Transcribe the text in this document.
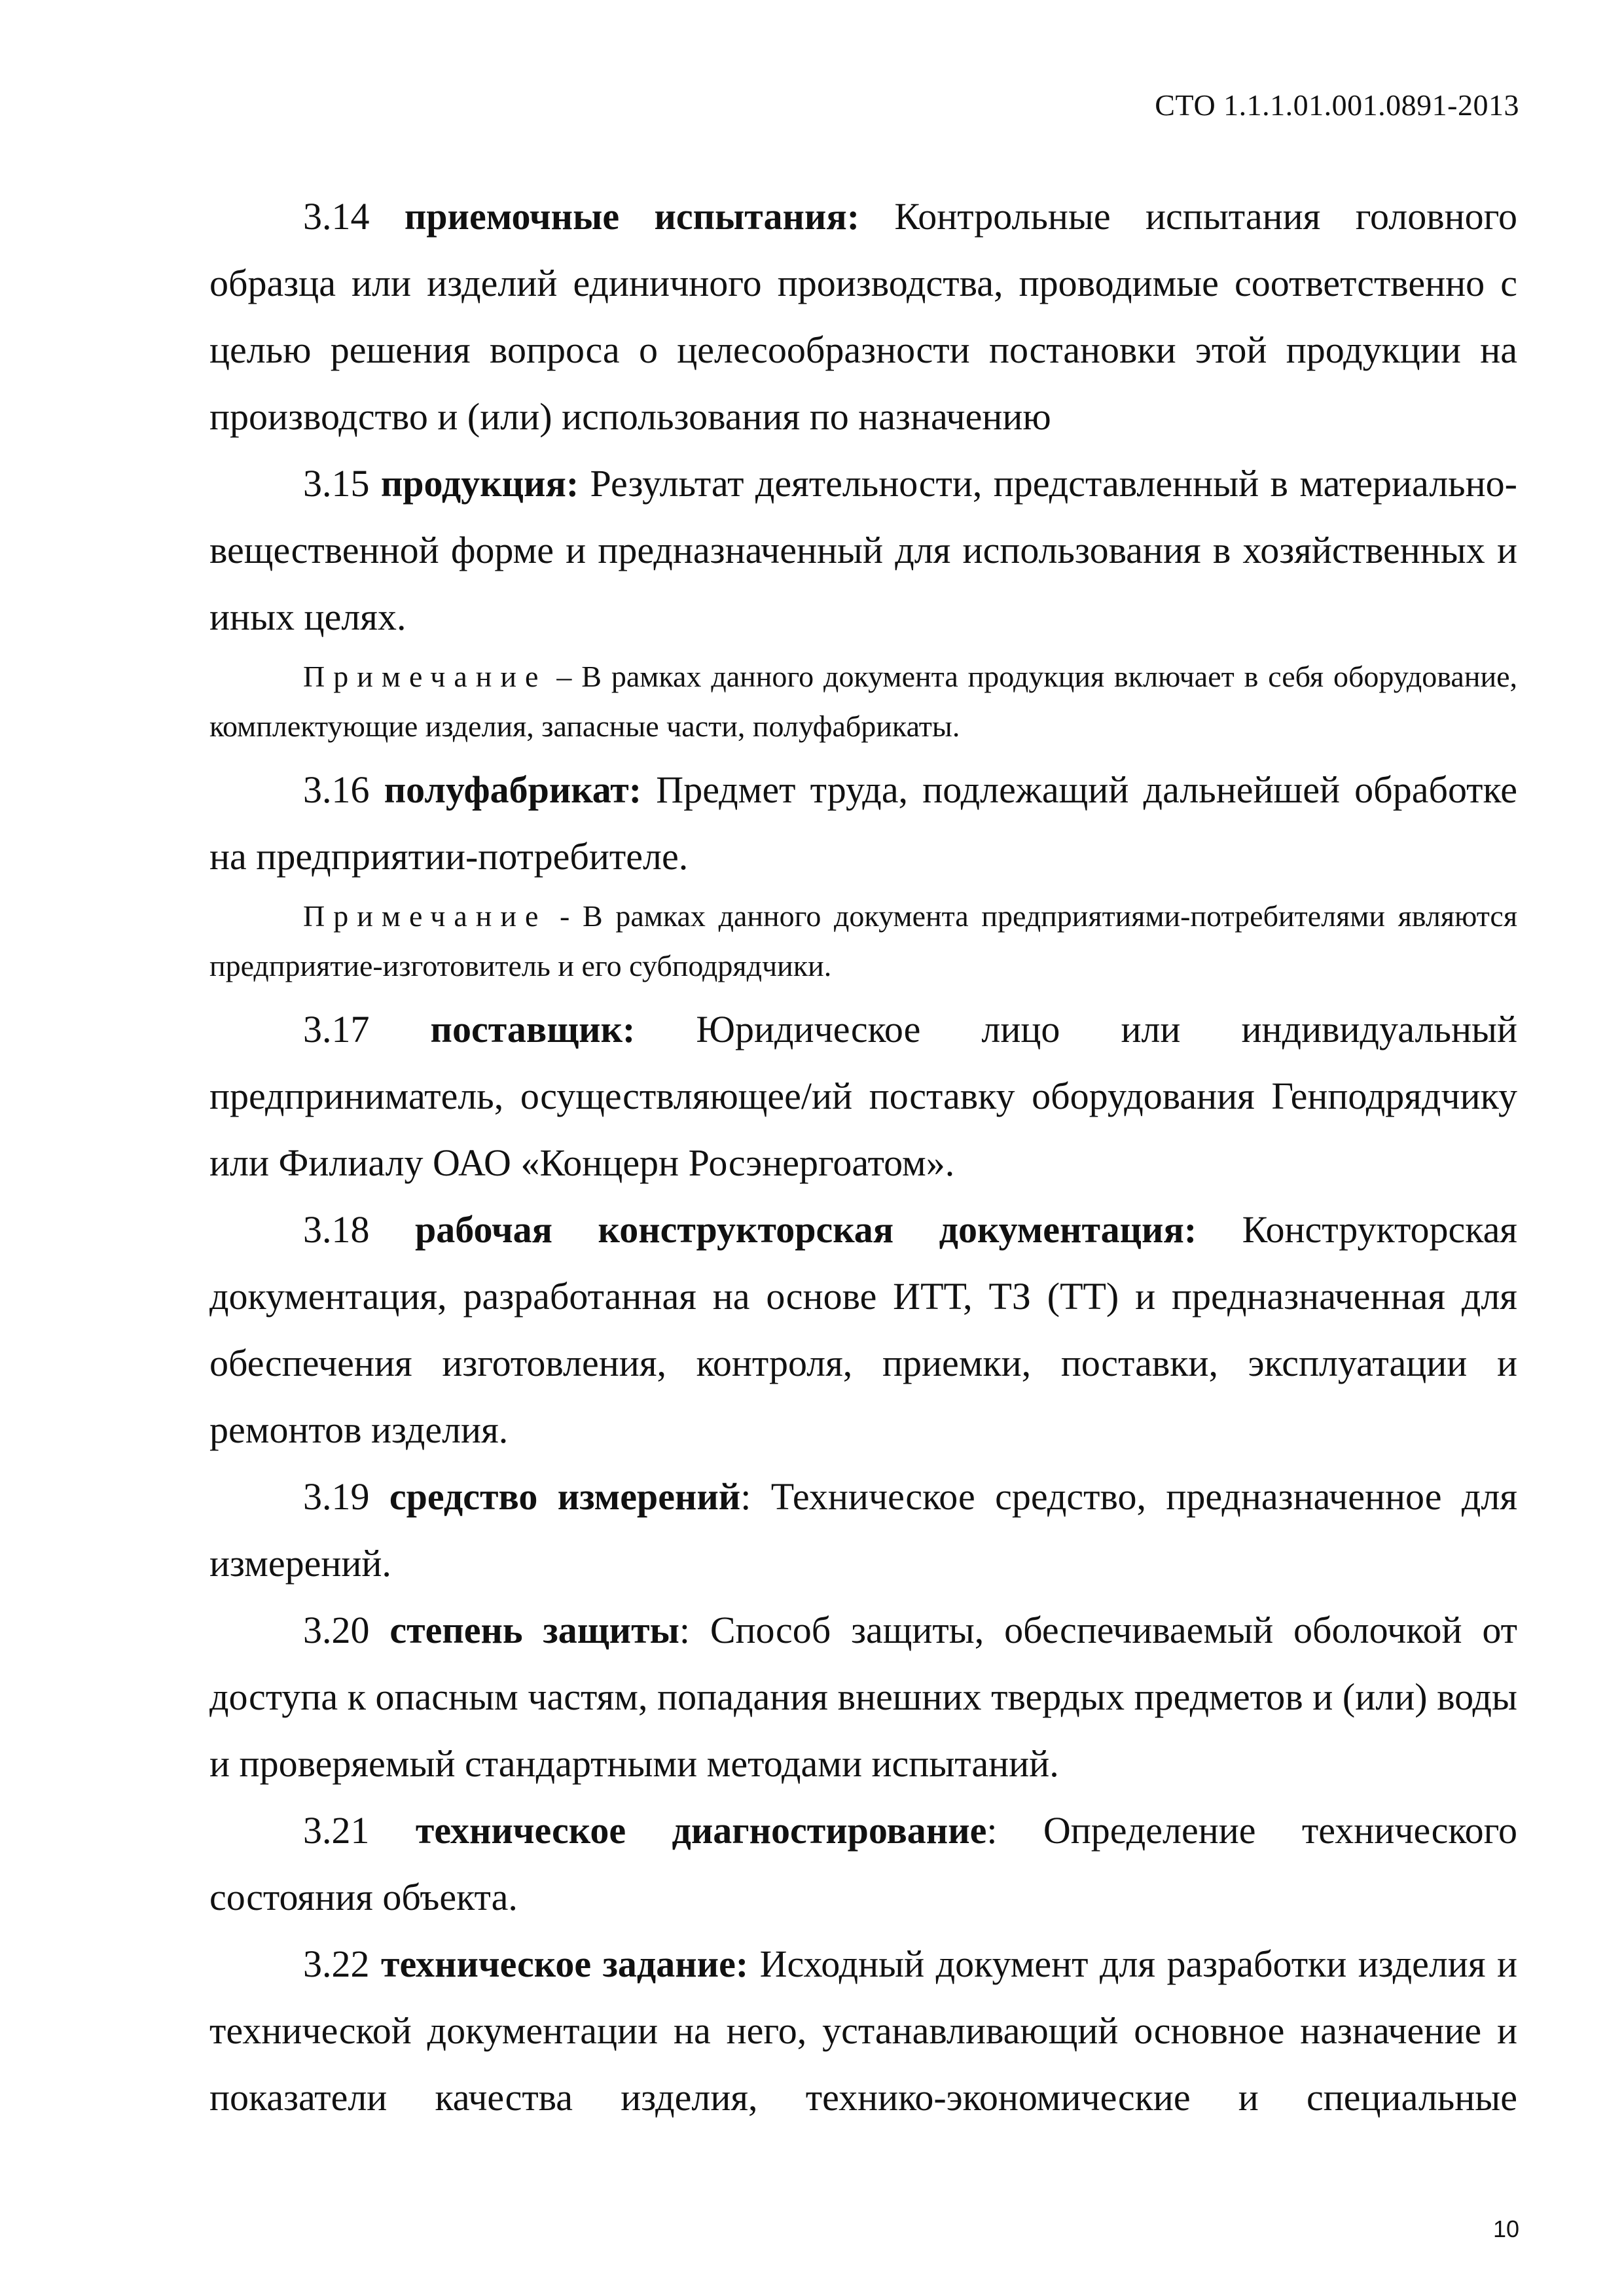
СТО 1.1.1.01.001.0891-2013

3.14 приемочные испытания: Контрольные испытания головного образца или изделий единичного производства, проводимые соответственно с целью решения вопроса о целесообразности постановки этой продукции на производство и (или) использования по назначению

3.15 продукция: Результат деятельности, представленный в материально-вещественной форме и предназначенный для использования в хозяйственных и иных целях.

Примечание – В рамках данного документа продукция включает в себя оборудование, комплектующие изделия, запасные части, полуфабрикаты.

3.16 полуфабрикат: Предмет труда, подлежащий дальнейшей обработке на предприятии-потребителе.

Примечание - В рамках данного документа предприятиями-потребителями являются предприятие-изготовитель и его субподрядчики.

3.17 поставщик: Юридическое лицо или индивидуальный предприниматель, осуществляющее/ий поставку оборудования Генподрядчику или Филиалу ОАО «Концерн Росэнергоатом».

3.18 рабочая конструкторская документация: Конструкторская документация, разработанная на основе ИТТ, ТЗ (ТТ) и предназначенная для обеспечения изготовления, контроля, приемки, поставки, эксплуатации и ремонтов изделия.

3.19 средство измерений: Техническое средство, предназначенное для измерений.

3.20 степень защиты: Способ защиты, обеспечиваемый оболочкой от доступа к опасным частям, попадания внешних твердых предметов и (или) воды и проверяемый стандартными методами испытаний.

3.21 техническое диагностирование: Определение технического состояния объекта.

3.22 техническое задание: Исходный документ для разработки изделия и технической документации на него, устанавливающий основное назначение и показатели качества изделия, технико-экономические и специальные

10
